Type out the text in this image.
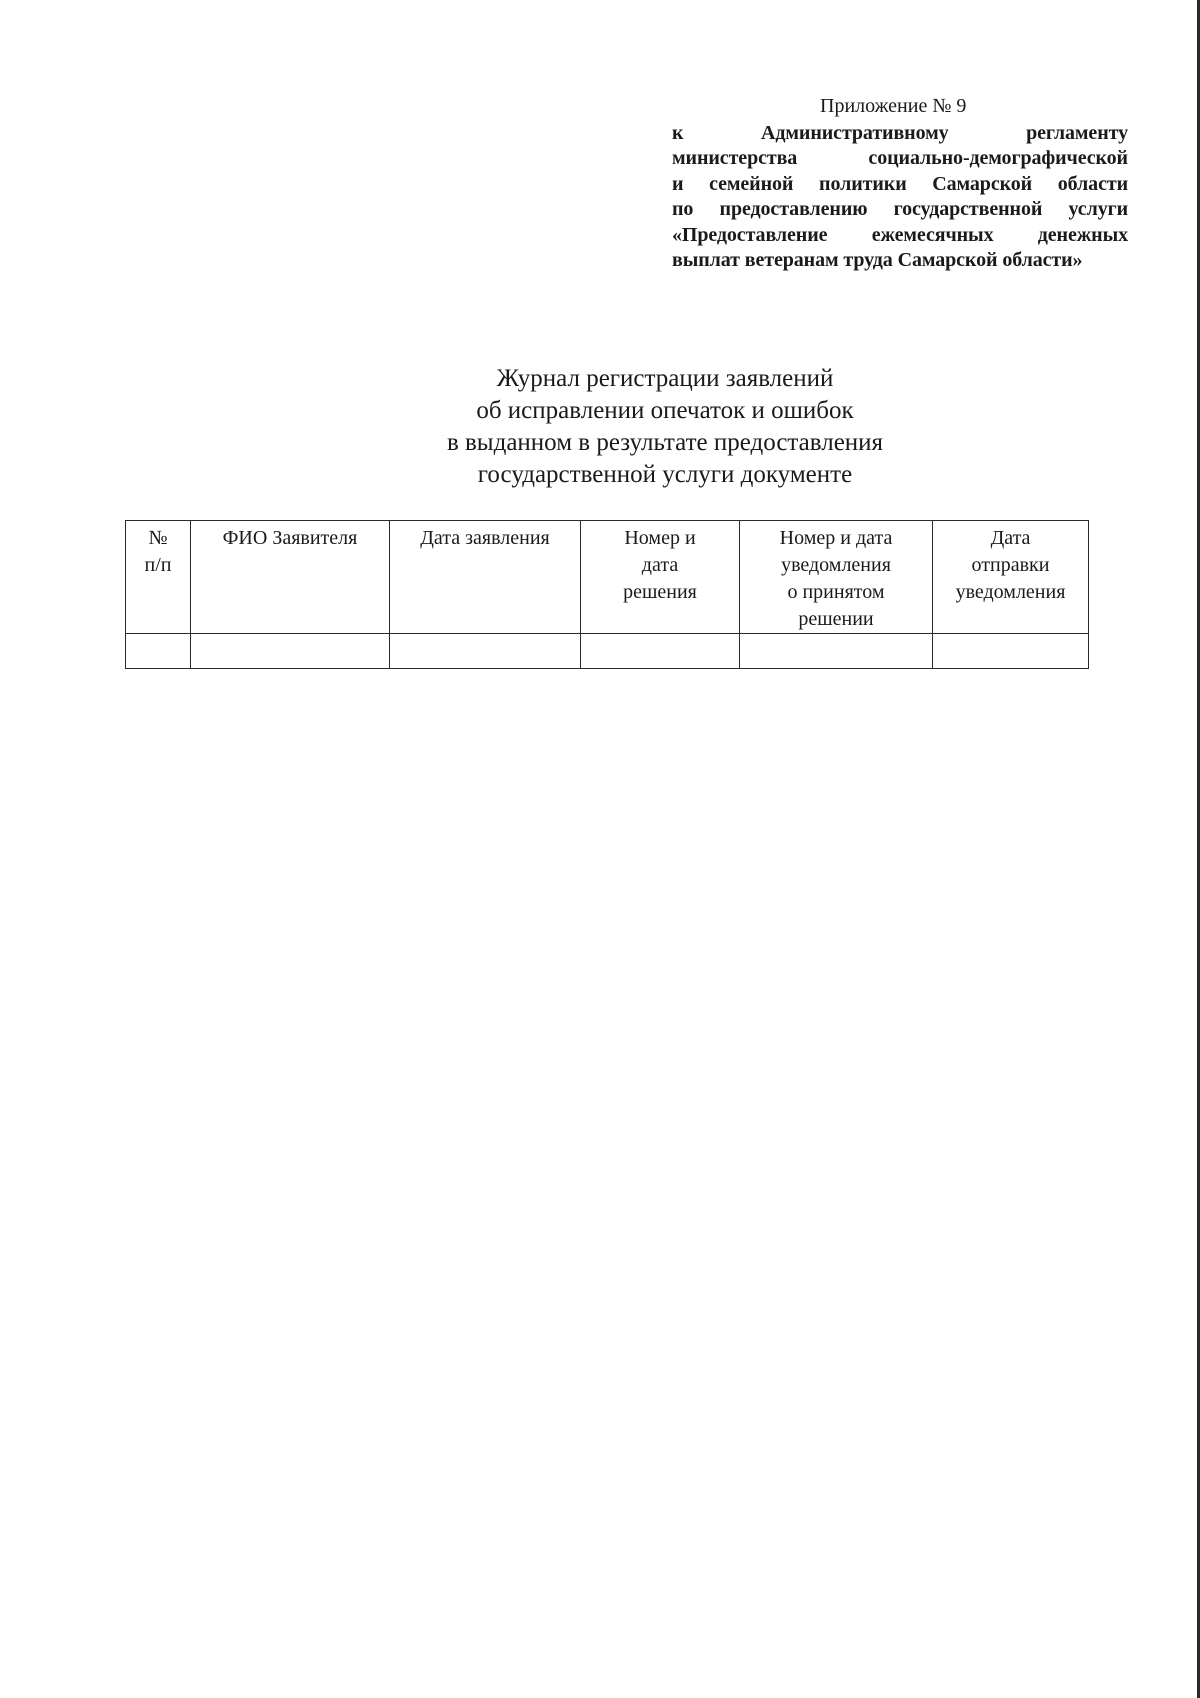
Приложение № 9
к Административному регламенту
министерства социально-демографической
и семейной политики Самарской области
по предоставлению государственной услуги
«Предоставление ежемесячных денежных
выплат ветеранам труда Самарской области»
Журнал регистрации заявлений
об исправлении опечаток и ошибок
в выданном в результате предоставления
государственной услуги документе
№
п/п	ФИО Заявителя	Дата заявления	Номер и
дата
решения	Номер и дата
уведомления
о принятом
решении	Дата
отправки
уведомления
